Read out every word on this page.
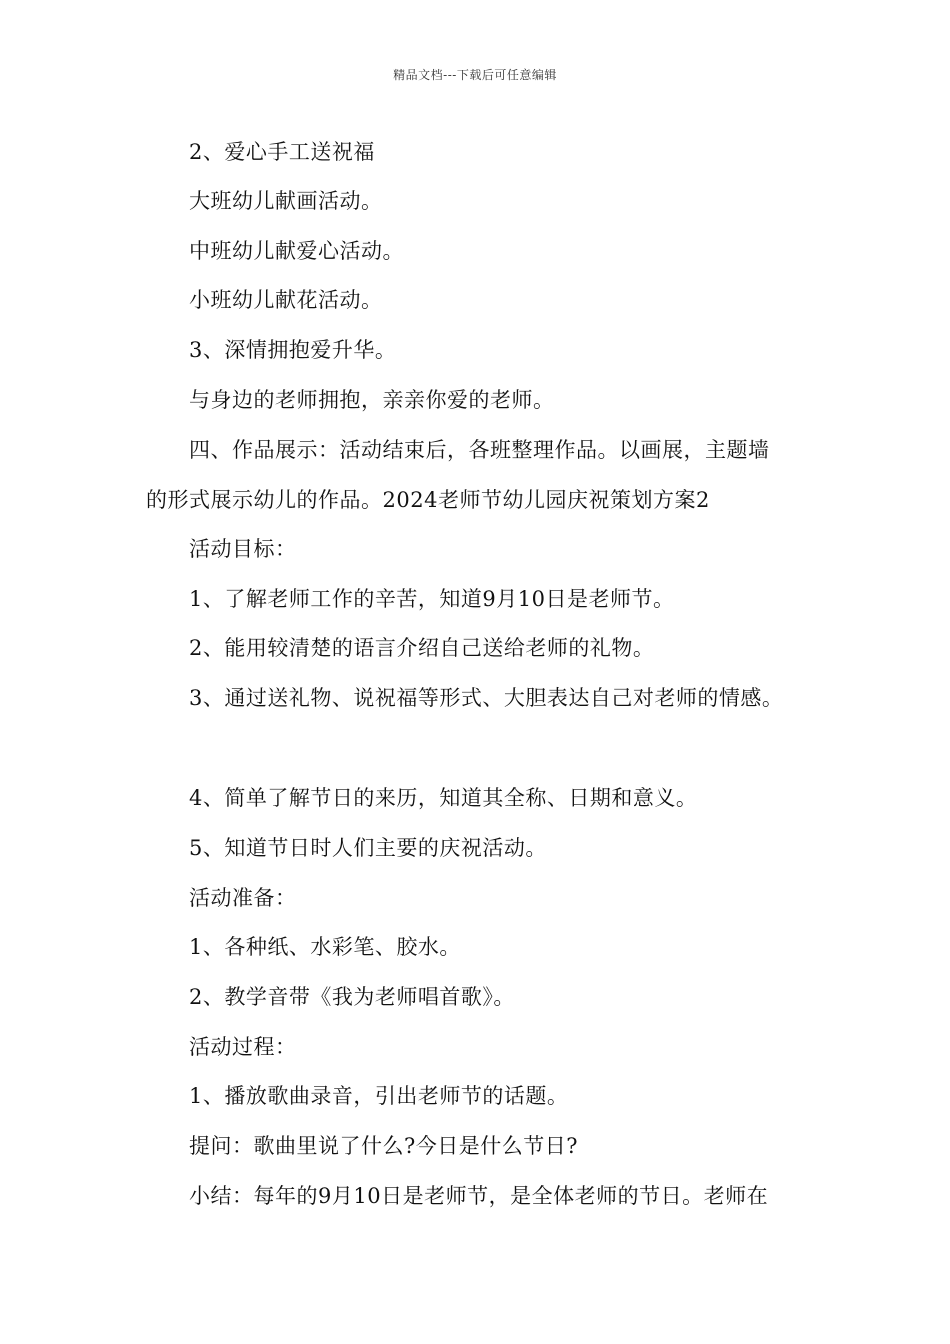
精品文档---下载后可任意编辑
2、爱心手工送祝福
大班幼儿献画活动。
中班幼儿献爱心活动。
小班幼儿献花活动。
3、深情拥抱爱升华。
与身边的老师拥抱，亲亲你爱的老师。
四、作品展示：活动结束后，各班整理作品。以画展，主题墙
的形式展示幼儿的作品。2024老师节幼儿园庆祝策划方案2
活动目标：
1、了解老师工作的辛苦，知道9月10日是老师节。
2、能用较清楚的语言介绍自己送给老师的礼物。
3、通过送礼物、说祝福等形式、大胆表达自己对老师的情感。
4、简单了解节日的来历，知道其全称、日期和意义。
5、知道节日时人们主要的庆祝活动。
活动准备：
1、各种纸、水彩笔、胶水。
2、教学音带《我为老师唱首歌》。
活动过程：
1、播放歌曲录音，引出老师节的话题。
提问：歌曲里说了什么?今日是什么节日?
小结：每年的9月10日是老师节，是全体老师的节日。老师在
